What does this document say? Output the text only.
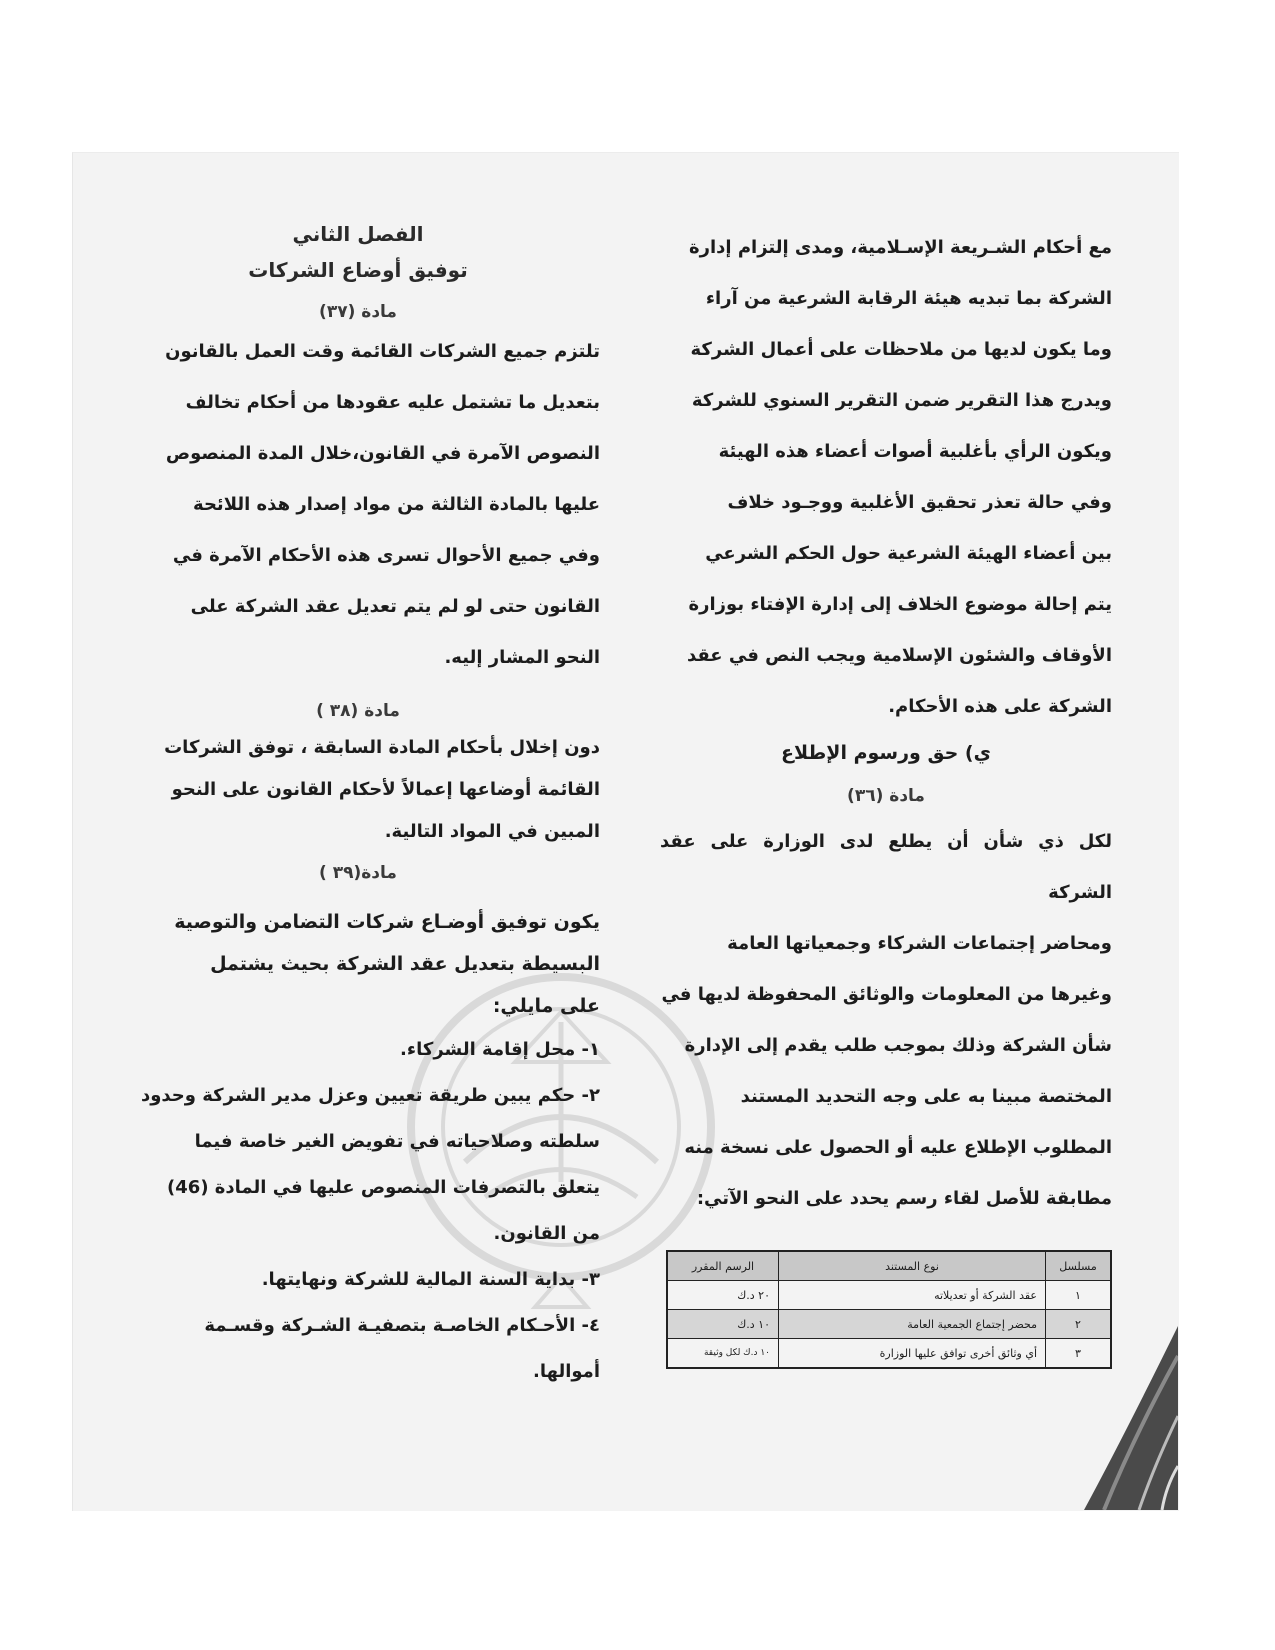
مع أحكام الشـريعة الإسـلامية، ومدى إلتزام إدارة

الشركة بما تبديه هيئة الرقابة الشرعية من آراء

وما يكون لديها من ملاحظات على أعمال الشركة

ويدرج هذا التقرير ضمن التقرير السنوي للشركة

ويكون الرأي بأغلبية أصوات أعضاء هذه الهيئة

وفي حالة تعذر تحقيق الأغلبية ووجـود خلاف

بين أعضاء الهيئة الشرعية حول الحكم الشرعي

يتم إحالة موضوع الخلاف إلى إدارة الإفتاء بوزارة

الأوقاف والشئون الإسلامية ويجب النص في عقد

الشركة على هذه الأحكام.

ي) حق ورسوم الإطلاع

مادة (٣٦)

لكل ذي شأن أن يطلع لدى الوزارة على عقد الشركة

ومحاضر إجتماعات الشركاء وجمعياتها العامة

وغيرها من المعلومات والوثائق المحفوظة لديها في

شأن الشركة وذلك بموجب طلب يقدم إلى الإدارة

المختصة مبينا به على وجه التحديد المستند

المطلوب الإطلاع عليه أو الحصول على نسخة منه

مطابقة للأصل لقاء رسم يحدد على النحو الآتي:

مسلسل	نوع المستند	الرسم المقرر
١	عقد الشركة أو تعديلاته	٢٠ د.ك
٢	محضر إجتماع الجمعية العامة	١٠ د.ك
٣	أي وثائق أخرى توافق عليها الوزارة	١٠ د.ك لكل وثيقة

الفصل الثاني

توفيق أوضاع الشركات

مادة (٣٧)

تلتزم جميع الشركات القائمة وقت العمل بالقانون

بتعديل ما تشتمل عليه عقودها من أحكام تخالف

النصوص الآمرة في القانون،خلال المدة المنصوص

عليها بالمادة الثالثة من مواد إصدار هذه اللائحة

وفي جميع الأحوال تسرى هذه الأحكام الآمرة في

القانون حتى لو لم يتم تعديل عقد الشركة على

النحو المشار إليه.

مادة (٣٨ )

دون إخلال بأحكام المادة السابقة ، توفق الشركات

القائمة أوضاعها إعمالاً لأحكام القانون على النحو

المبين في المواد التالية.

مادة(٣٩ )

يكون توفيق أوضـاع شركات التضامن والتوصية

البسيطة بتعديل عقد الشركة بحيث يشتمل

على مايلي:

١- محل إقامة الشركاء.

٢- حكم يبين طريقة تعيين وعزل مدير الشركة وحدود

سلطته وصلاحياته في تفويض الغير خاصة فيما

يتعلق بالتصرفات المنصوص عليها في المادة (46)

من القانون.

٣- بداية السنة المالية للشركة ونهايتها.

٤- الأحـكام الخاصـة بتصفيـة الشـركة وقسـمة

أموالها.
